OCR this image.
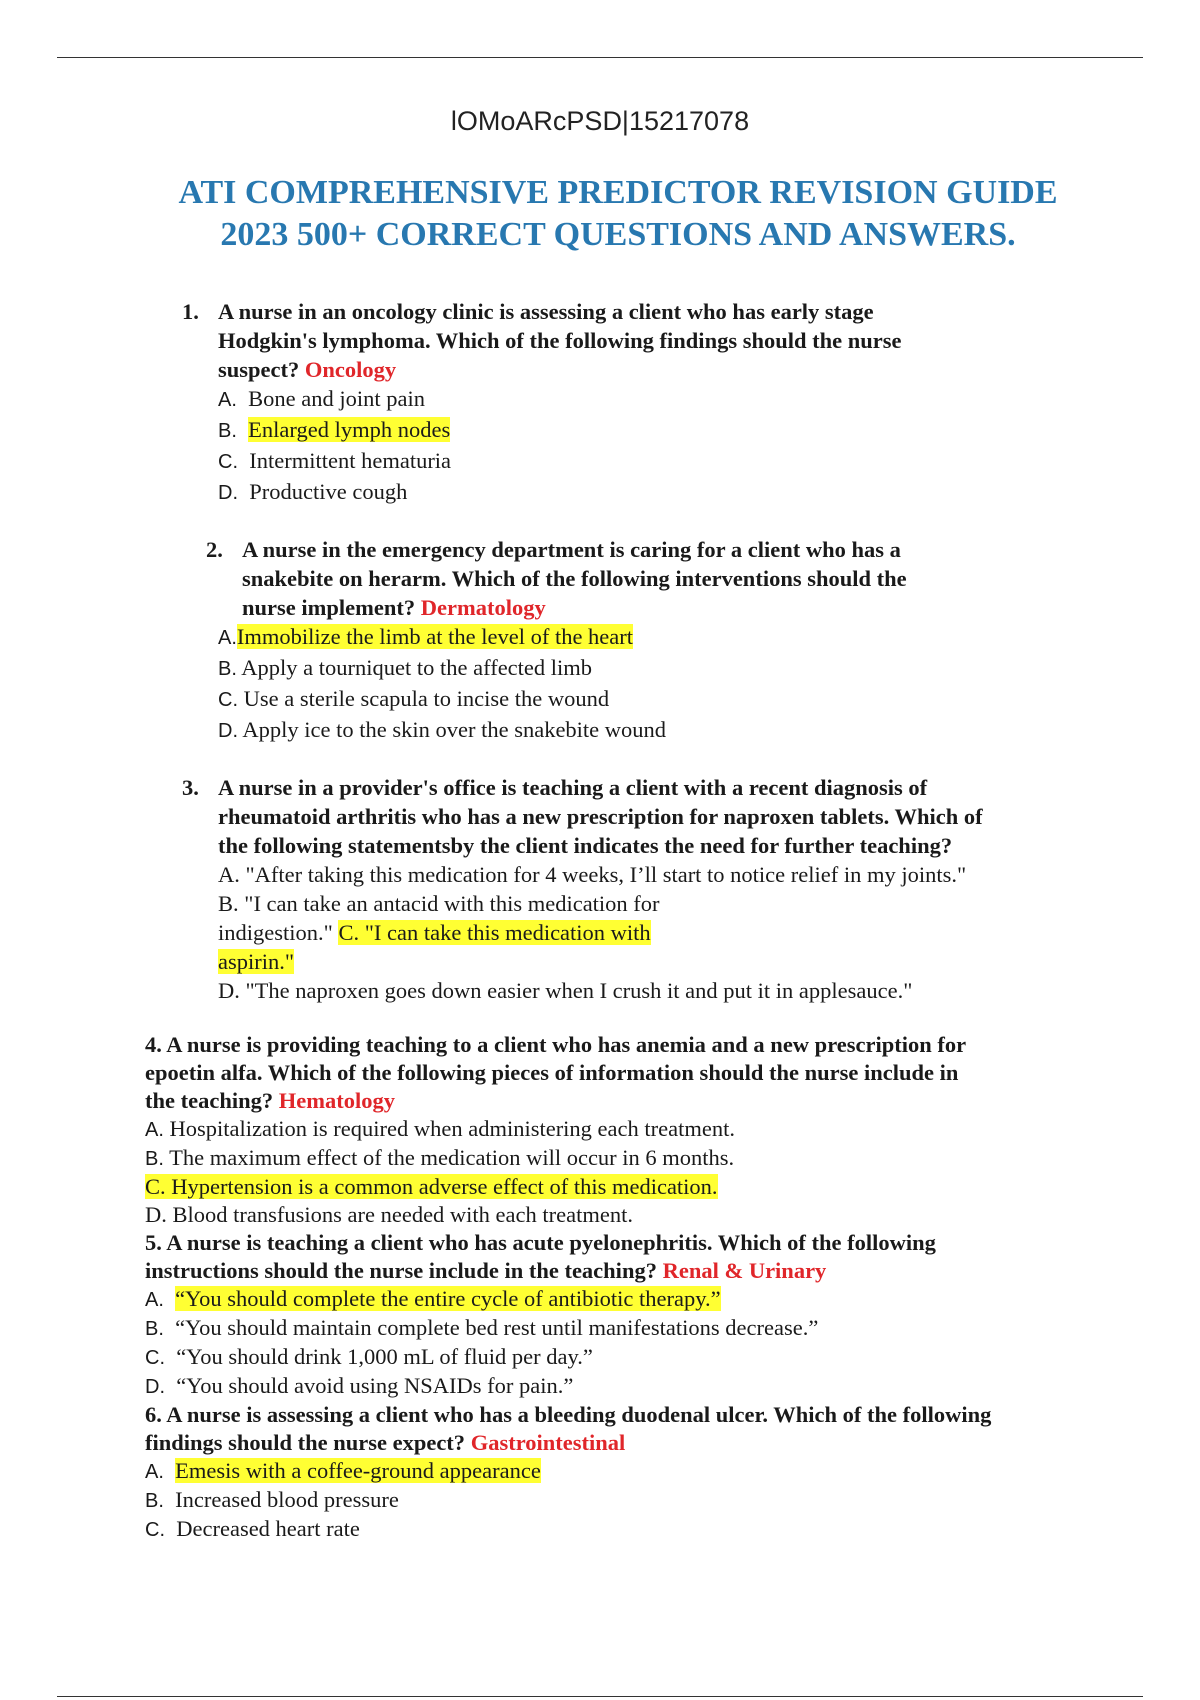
lOMoARcPSD|15217078
ATI COMPREHENSIVE PREDICTOR REVISION GUIDE
2023 500+ CORRECT QUESTIONS AND ANSWERS.
1. A nurse in an oncology clinic is assessing a client who has early stage
Hodgkin's lymphoma. Which of the following findings should the nurse
suspect? Oncology
A. Bone and joint pain
B. Enlarged lymph nodes
C. Intermittent hematuria
D. Productive cough
2. A nurse in the emergency department is caring for a client who has a
snakebite on herarm. Which of the following interventions should the
nurse implement? Dermatology
A.Immobilize the limb at the level of the heart
B. Apply a tourniquet to the affected limb
C. Use a sterile scapula to incise the wound
D. Apply ice to the skin over the snakebite wound
3. A nurse in a provider's office is teaching a client with a recent diagnosis of
rheumatoid arthritis who has a new prescription for naproxen tablets. Which of
the following statementsby the client indicates the need for further teaching?
A. "After taking this medication for 4 weeks, I’ll start to notice relief in my joints."
B. "I can take an antacid with this medication for
indigestion." C. "I can take this medication with
aspirin."
D. "The naproxen goes down easier when I crush it and put it in applesauce."
4. A nurse is providing teaching to a client who has anemia and a new prescription for
epoetin alfa. Which of the following pieces of information should the nurse include in
the teaching? Hematology
A. Hospitalization is required when administering each treatment.
B. The maximum effect of the medication will occur in 6 months.
C. Hypertension is a common adverse effect of this medication.
D. Blood transfusions are needed with each treatment.
5. A nurse is teaching a client who has acute pyelonephritis. Which of the following
instructions should the nurse include in the teaching? Renal & Urinary
A. “You should complete the entire cycle of antibiotic therapy.”
B. “You should maintain complete bed rest until manifestations decrease.”
C. “You should drink 1,000 mL of fluid per day.”
D. “You should avoid using NSAIDs for pain.”
6. A nurse is assessing a client who has a bleeding duodenal ulcer. Which of the following
findings should the nurse expect? Gastrointestinal
A. Emesis with a coffee-ground appearance
B. Increased blood pressure
C. Decreased heart rate
